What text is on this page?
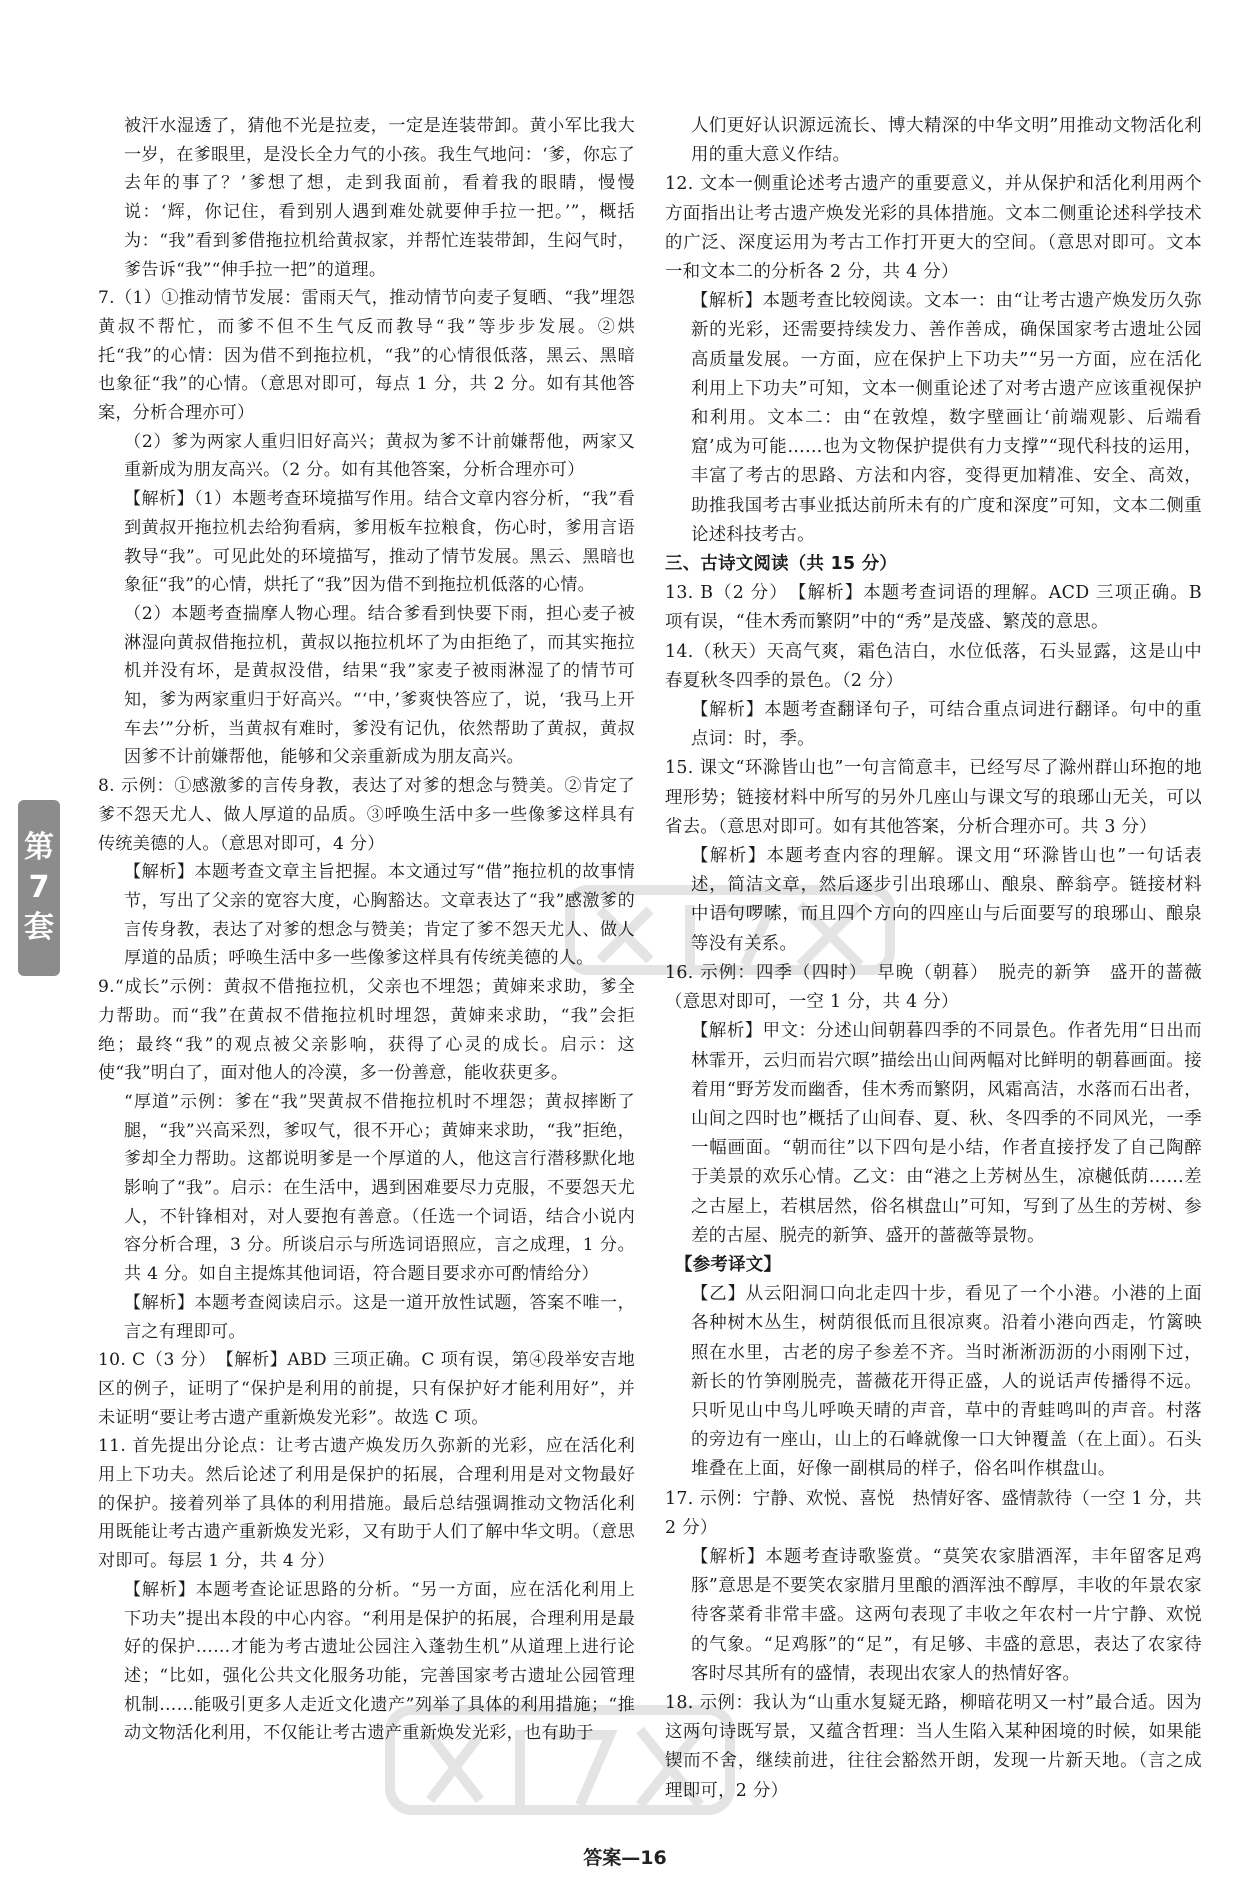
被汗水湿透了，猜他不光是拉麦，一定是连装带卸。黄小军比我大一岁，在爹眼里，是没长全力气的小孩。我生气地问：‘爹，你忘了去年的事了？’爹想了想，走到我面前，看着我的眼睛，慢慢说：‘辉，你记住，看到别人遇到难处就要伸手拉一把。’”，概括为：“我”看到爹借拖拉机给黄叔家，并帮忙连装带卸，生闷气时，爹告诉“我”“伸手拉一把”的道理。

7.（1）①推动情节发展：雷雨天气，推动情节向麦子复晒、“我”埋怨黄叔不帮忙，而爹不但不生气反而教导“我”等步步发展。②烘托“我”的心情：因为借不到拖拉机，“我”的心情很低落，黑云、黑暗也象征“我”的心情。（意思对即可，每点 1 分，共 2 分。如有其他答案，分析合理亦可）

（2）爹为两家人重归旧好高兴；黄叔为爹不计前嫌帮他，两家又重新成为朋友高兴。（2 分。如有其他答案，分析合理亦可）

【解析】（1）本题考查环境描写作用。结合文章内容分析，“我”看到黄叔开拖拉机去给狗看病，爹用板车拉粮食，伤心时，爹用言语教导“我”。可见此处的环境描写，推动了情节发展。黑云、黑暗也象征“我”的心情，烘托了“我”因为借不到拖拉机低落的心情。

（2）本题考查揣摩人物心理。结合爹看到快要下雨，担心麦子被淋湿向黄叔借拖拉机，黄叔以拖拉机坏了为由拒绝了，而其实拖拉机并没有坏，是黄叔没借，结果“我”家麦子被雨淋湿了的情节可知，爹为两家重归于好高兴。“‘中，’爹爽快答应了，说，‘我马上开车去’”分析，当黄叔有难时，爹没有记仇，依然帮助了黄叔，黄叔因爹不计前嫌帮他，能够和父亲重新成为朋友高兴。

8. 示例：①感激爹的言传身教，表达了对爹的想念与赞美。②肯定了爹不怨天尤人、做人厚道的品质。③呼唤生活中多一些像爹这样具有传统美德的人。（意思对即可，4 分）

【解析】本题考查文章主旨把握。本文通过写“借”拖拉机的故事情节，写出了父亲的宽容大度，心胸豁达。文章表达了“我”感激爹的言传身教，表达了对爹的想念与赞美；肯定了爹不怨天尤人、做人厚道的品质；呼唤生活中多一些像爹这样具有传统美德的人。

9.“成长”示例：黄叔不借拖拉机，父亲也不埋怨；黄婶来求助，爹全力帮助。而“我”在黄叔不借拖拉机时埋怨，黄婶来求助，“我”会拒绝；最终“我”的观点被父亲影响，获得了心灵的成长。启示：这使“我”明白了，面对他人的冷漠，多一份善意，能收获更多。

“厚道”示例：爹在“我”哭黄叔不借拖拉机时不埋怨；黄叔摔断了腿，“我”兴高采烈，爹叹气，很不开心；黄婶来求助，“我”拒绝，爹却全力帮助。这都说明爹是一个厚道的人，他这言行潜移默化地影响了“我”。启示：在生活中，遇到困难要尽力克服，不要怨天尤人，不针锋相对，对人要抱有善意。（任选一个词语，结合小说内容分析合理，3 分。所谈启示与所选词语照应，言之成理，1 分。共 4 分。如自主提炼其他词语，符合题目要求亦可酌情给分）

【解析】本题考查阅读启示。这是一道开放性试题，答案不唯一，言之有理即可。

10. C（3 分）　【解析】ABD 三项正确。C 项有误，第④段举安吉地区的例子，证明了“保护是利用的前提，只有保护好才能利用好”，并未证明“要让考古遗产重新焕发光彩”。故选 C 项。

11. 首先提出分论点：让考古遗产焕发历久弥新的光彩，应在活化利用上下功夫。然后论述了利用是保护的拓展，合理利用是对文物最好的保护。接着列举了具体的利用措施。最后总结强调推动文物活化利用既能让考古遗产重新焕发光彩，又有助于人们了解中华文明。（意思对即可。每层 1 分，共 4 分）

【解析】本题考查论证思路的分析。“另一方面，应在活化利用上下功夫”提出本段的中心内容。“利用是保护的拓展，合理利用是最好的保护……才能为考古遗址公园注入蓬勃生机”从道理上进行论述；“比如，强化公共文化服务功能，完善国家考古遗址公园管理机制……能吸引更多人走近文化遗产”列举了具体的利用措施；“推动文物活化利用，不仅能让考古遗产重新焕发光彩，也有助于

人们更好认识源远流长、博大精深的中华文明”用推动文物活化利用的重大意义作结。

12. 文本一侧重论述考古遗产的重要意义，并从保护和活化利用两个方面指出让考古遗产焕发光彩的具体措施。文本二侧重论述科学技术的广泛、深度运用为考古工作打开更大的空间。（意思对即可。文本一和文本二的分析各 2 分，共 4 分）

【解析】本题考查比较阅读。文本一：由“让考古遗产焕发历久弥新的光彩，还需要持续发力、善作善成，确保国家考古遗址公园高质量发展。一方面，应在保护上下功夫”“另一方面，应在活化利用上下功夫”可知，文本一侧重论述了对考古遗产应该重视保护和利用。文本二：由“在敦煌，数字壁画让‘前端观影、后端看窟’成为可能……也为文物保护提供有力支撑”“现代科技的运用，丰富了考古的思路、方法和内容，变得更加精准、安全、高效，助推我国考古事业抵达前所未有的广度和深度”可知，文本二侧重论述科技考古。

三、古诗文阅读（共 15 分）

13. B（2 分）　【解析】本题考查词语的理解。ACD 三项正确。B 项有误，“佳木秀而繁阴”中的“秀”是茂盛、繁茂的意思。

14.（秋天）天高气爽，霜色洁白，水位低落，石头显露，这是山中春夏秋冬四季的景色。（2 分）

【解析】本题考查翻译句子，可结合重点词进行翻译。句中的重点词：时，季。

15. 课文“环滁皆山也”一句言简意丰，已经写尽了滁州群山环抱的地理形势；链接材料中所写的另外几座山与课文写的琅琊山无关，可以省去。（意思对即可。如有其他答案，分析合理亦可。共 3 分）

【解析】本题考查内容的理解。课文用“环滁皆山也”一句话表述，简洁文章，然后逐步引出琅琊山、酿泉、醉翁亭。链接材料中语句啰嗦，而且四个方向的四座山与后面要写的琅琊山、酿泉等没有关系。

16. 示例：四季（四时）　早晚（朝暮）　脱壳的新笋　盛开的蔷薇（意思对即可，一空 1 分，共 4 分）

【解析】甲文：分述山间朝暮四季的不同景色。作者先用“日出而林霏开，云归而岩穴暝”描绘出山间两幅对比鲜明的朝暮画面。接着用“野芳发而幽香，佳木秀而繁阴，风霜高洁，水落而石出者，山间之四时也”概括了山间春、夏、秋、冬四季的不同风光，一季一幅画面。“朝而往”以下四句是小结，作者直接抒发了自己陶醉于美景的欢乐心情。乙文：由“港之上芳树丛生，凉樾低荫……差之古屋上，若棋居然，俗名棋盘山”可知，写到了丛生的芳树、参差的古屋、脱壳的新笋、盛开的蔷薇等景物。

【参考译文】

【乙】从云阳洞口向北走四十步，看见了一个小港。小港的上面各种树木丛生，树荫很低而且很凉爽。沿着小港向西走，竹篱映照在水里，古老的房子参差不齐。当时淅淅沥沥的小雨刚下过，新长的竹笋刚脱壳，蔷薇花开得正盛，人的说话声传播得不远。只听见山中鸟儿呼唤天晴的声音，草中的青蛙鸣叫的声音。村落的旁边有一座山，山上的石峰就像一口大钟覆盖（在上面）。石头堆叠在上面，好像一副棋局的样子，俗名叫作棋盘山。

17. 示例：宁静、欢悦、喜悦　热情好客、盛情款待（一空 1 分，共 2 分）

【解析】本题考查诗歌鉴赏。“莫笑农家腊酒浑，丰年留客足鸡豚”意思是不要笑农家腊月里酿的酒浑浊不醇厚，丰收的年景农家待客菜肴非常丰盛。这两句表现了丰收之年农村一片宁静、欢悦的气象。“足鸡豚”的“足”，有足够、丰盛的意思，表达了农家待客时尽其所有的盛情，表现出农家人的热情好客。

18. 示例：我认为“山重水复疑无路，柳暗花明又一村”最合适。因为这两句诗既写景，又蕴含哲理：当人生陷入某种困境的时候，如果能锲而不舍，继续前进，往往会豁然开朗，发现一片新天地。（言之成理即可，2 分）

第
7
套
答案—16
